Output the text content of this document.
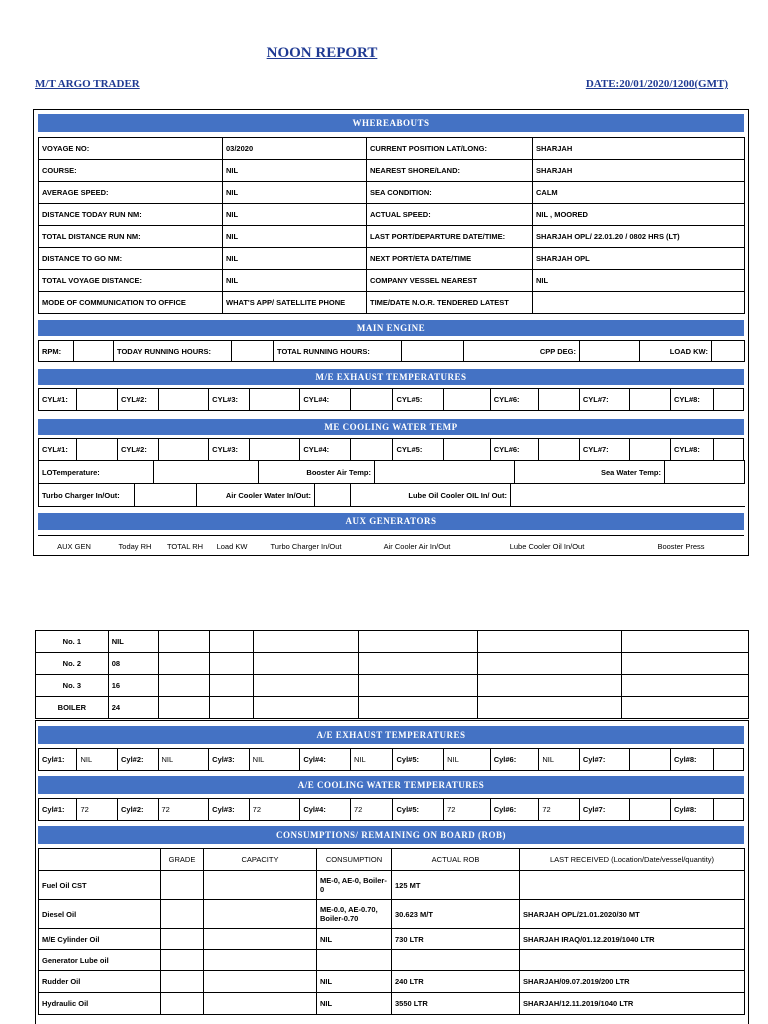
NOON REPORT
M/T ARGO TRADER	DATE:20/01/2020/1200(GMT)
WHEREABOUTS
VOYAGE NO:	03/2020	CURRENT POSITION LAT/LONG:	SHARJAH
COURSE:	NIL	NEAREST SHORE/LAND:	SHARJAH
AVERAGE SPEED:	NIL	SEA CONDITION:	CALM
DISTANCE TODAY RUN NM:	NIL	ACTUAL SPEED:	NIL , MOORED
TOTAL DISTANCE RUN NM:	NIL	LAST PORT/DEPARTURE DATE/TIME:	SHARJAH OPL/ 22.01.20 / 0802 HRS (LT)
DISTANCE TO GO NM:	NIL	NEXT PORT/ETA DATE/TIME	SHARJAH OPL
TOTAL VOYAGE DISTANCE:	NIL	COMPANY VESSEL NEAREST	NIL
MODE OF COMMUNICATION TO OFFICE	WHAT'S APP/ SATELLITE PHONE	TIME/DATE N.O.R. TENDERED LATEST	
MAIN ENGINE
RPM:		TODAY RUNNING HOURS:		TOTAL RUNNING HOURS:		CPP DEG:		LOAD KW:	
M/E EXHAUST TEMPERATURES
CYL#1:		CYL#2:		CYL#3:		CYL#4:		CYL#5:		CYL#6:		CYL#7:		CYL#8:	
ME COOLING WATER TEMP
CYL#1:		CYL#2:		CYL#3:		CYL#4:		CYL#5:		CYL#6:		CYL#7:		CYL#8:	
LOTemperature:		Booster Air Temp:		Sea Water Temp:	
Turbo Charger In/Out:		Air Cooler Water In/Out:		Lube Oil Cooler OIL In/ Out:	
AUX GENERATORS
AUX GEN	Today RH	TOTAL RH	Load KW	Turbo Charger In/Out	Air Cooler Air In/Out	Lube Cooler Oil In/Out	Booster Press
No. 1	NIL						
No. 2	08						
No. 3	16						
BOILER	24						
A/E EXHAUST TEMPERATURES
Cyl#1:	NIL	Cyl#2:	NIL	Cyl#3:	NIL	Cyl#4:	NIL	Cyl#5:	NIL	Cyl#6:	NIL	Cyl#7:		Cyl#8:	
A/E COOLING WATER TEMPERATURES
Cyl#1:	72	Cyl#2:	72	Cyl#3:	72	Cyl#4:	72	Cyl#5:	72	Cyl#6:	72	Cyl#7:		Cyl#8:	
CONSUMPTIONS/ REMAINING ON BOARD (ROB)
	GRADE	CAPACITY	CONSUMPTION	ACTUAL ROB	LAST RECEIVED (Location/Date/vessel/quantity)
Fuel Oil CST			ME-0, AE-0, Boiler-0	125 MT	
Diesel Oil			ME-0.0, AE-0.70, Boiler-0.70	30.623 M/T	SHARJAH OPL/21.01.2020/30 MT
M/E Cylinder Oil			NIL	730 LTR	SHARJAH IRAQ/01.12.2019/1040 LTR
Generator Lube oil					
Rudder Oil			NIL	240 LTR	SHARJAH/09.07.2019/200 LTR
Hydraulic Oil			NIL	3550 LTR	SHARJAH/12.11.2019/1040 LTR
